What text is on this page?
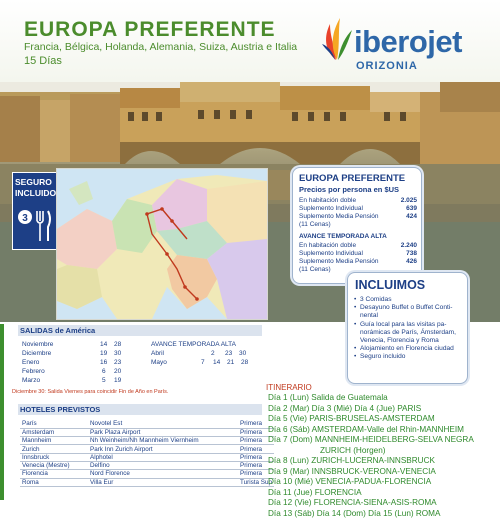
EUROPA PREFERENTE
Francia, Bélgica, Holanda, Alemania, Suiza, Austria e Italia
15 Días
iberojet
ORIZONIA
SEGURO INCLUIDO
3
EUROPA PREFERENTE
Precios por persona en $US
En habitación doble	2.025
Suplemento Individual	639
Suplemento Media Pensión	424
(11 Cenas)
AVANCE TEMPORADA ALTA
En habitación doble	2.240
Suplemento Individual	738
Suplemento Media Pensión	426
(11 Cenas)
INCLUIMOS
• 3 Comidas
• Desayuno Buffet o Buffet Conti-nental
• Guía local para las visitas pa-norámicas de París, Ámsterdam, Venecia, Florencia y Roma
• Alojamiento en Florencia ciudad
• Seguro incluido
SALIDAS de América
Noviembre	14 28
Diciembre	19 30
Enero	16 23
Febrero	6 20
Marzo	5 19
AVANCE TEMPORADA ALTA
Abril	2 23 30
Mayo	7 14 21 28
Diciembre 30: Salida Viernes para coincidir Fin de Año en París.
HOTELES PREVISTOS
París	Novotel Est	Primera
Amsterdam	Park Plaza Airport	Primera
Mannheim	Nh Weinheim/Nh Mannheim Viernheim	Primera
Zurich	Park Inn Zurich Airport	Primera
Innsbruck	Alphotel	Primera
Venecia (Mestre)	Delfino	Primera
Florencia	Nord Florence	Primera
Roma	Villa Eur	Turista Sup
ITINERARIO
Día 1 (Lun) Salida de Guatemala
Día 2 (Mar) Día 3 (Mié) Día 4 (Jue) PARIS
Día 5 (Vie) PARIS-BRUSELAS-AMSTERDAM
Día 6 (Sáb) AMSTERDAM-Valle del Rhin-MANNHEIM
Día 7 (Dom) MANNHEIM-HEIDELBERG-SELVA NEGRA
ZURICH (Horgen)
Día 8 (Lun) ZURICH-LUCERNA-INNSBRUCK
Día 9 (Mar) INNSBRUCK-VERONA-VENECIA
Día 10 (Mié) VENECIA-PADUA-FLORENCIA
Día 11 (Jue) FLORENCIA
Día 12 (Vie) FLORENCIA-SIENA-ASIS-ROMA
Día 13 (Sáb) Día 14 (Dom) Día 15 (Lun) ROMA
